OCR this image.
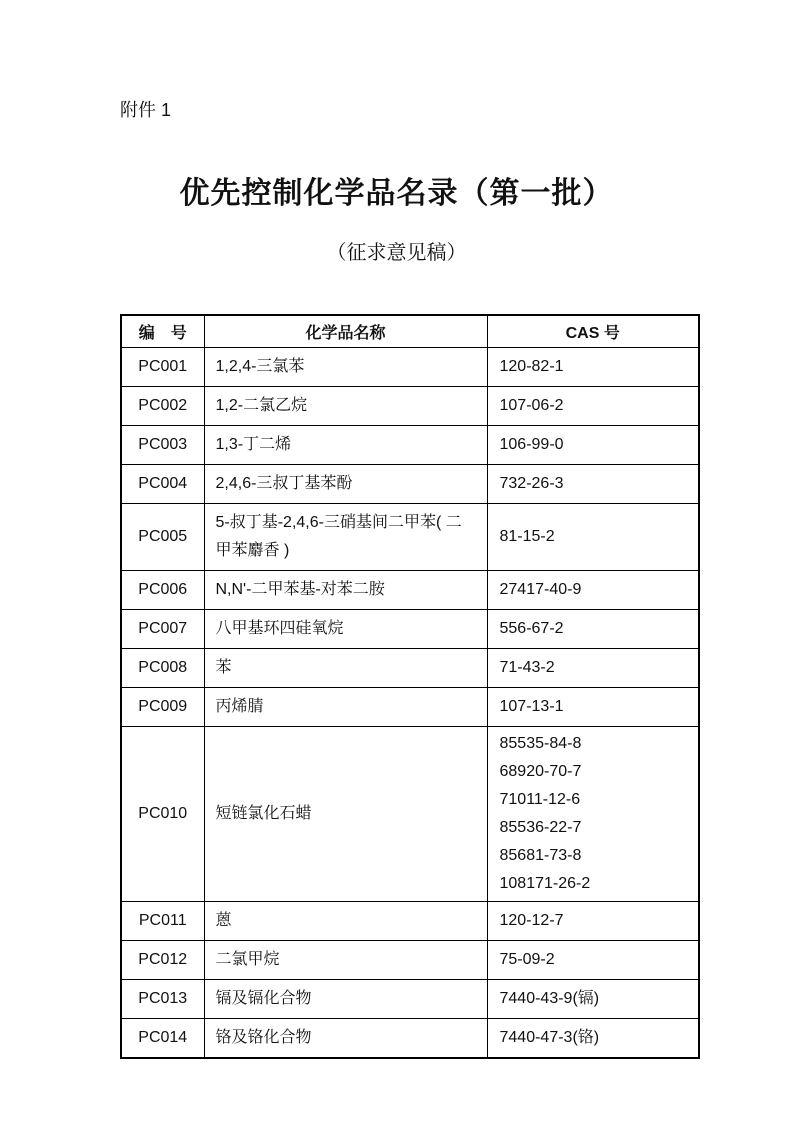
附件 1
优先控制化学品名录（第一批）
（征求意见稿）
编　号	化学品名称	CAS 号
PC001	1,2,4-三氯苯	120-82-1

PC002	1,2-二氯乙烷	107-06-2

PC003	1,3-丁二烯	106-99-0

PC004	2,4,6-三叔丁基苯酚	732-26-3

PC005	5-叔丁基-2,4,6-三硝基间二甲苯( 二甲苯麝香 )	81-15-2

PC006	N,N'-二甲苯基-对苯二胺	27417-40-9

PC007	八甲基环四硅氧烷	556-67-2

PC008	苯	71-43-2

PC009	丙烯腈	107-13-1

PC010	短链氯化石蜡	
85535-84-8
68920-70-7
71011-12-6
85536-22-7
85681-73-8
108171-26-2

PC011	蒽	120-12-7

PC012	二氯甲烷	75-09-2

PC013	镉及镉化合物	7440-43-9(镉)

PC014	铬及铬化合物	7440-47-3(铬)
